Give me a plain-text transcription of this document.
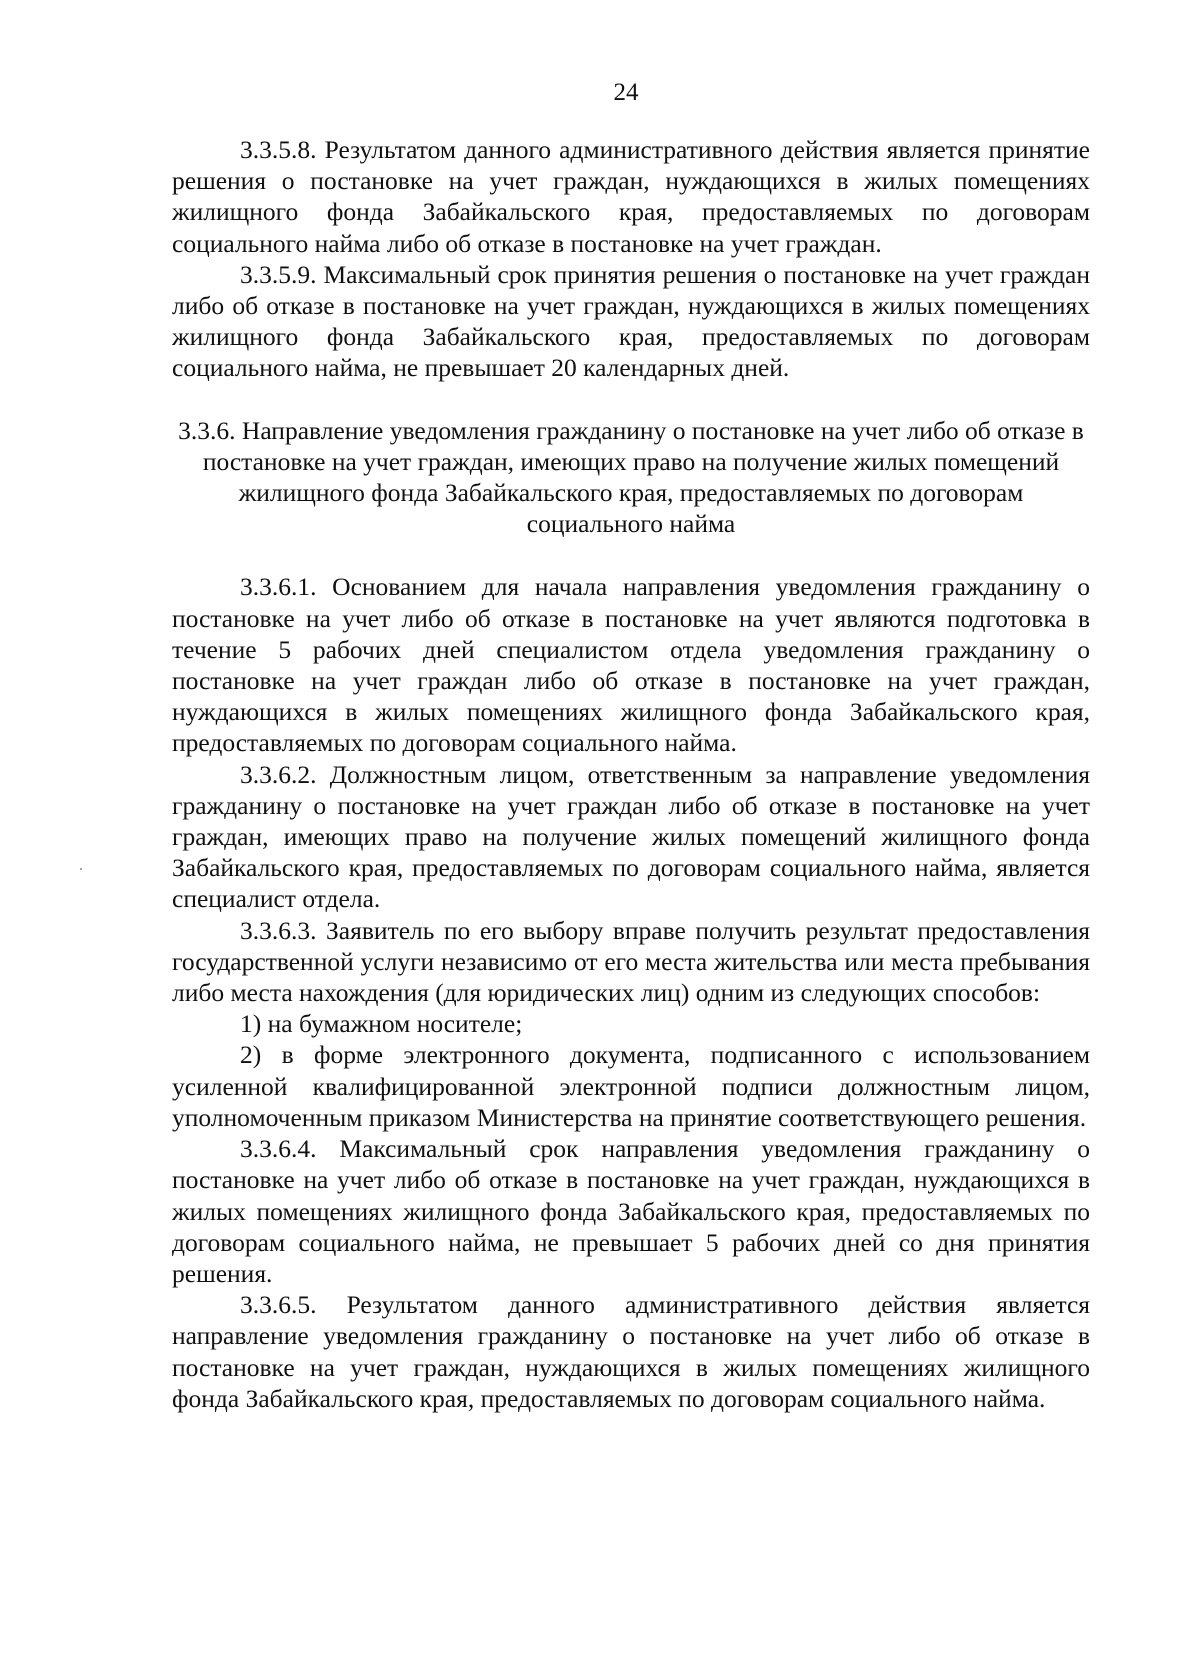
24

3.3.5.8. Результатом данного административного действия является принятие решения о постановке на учет граждан, нуждающихся в жилых помещениях жилищного фонда Забайкальского края, предоставляемых по договорам социального найма либо об отказе в постановке на учет граждан.

3.3.5.9. Максимальный срок принятия решения о постановке на учет граждан либо об отказе в постановке на учет граждан, нуждающихся в жилых помещениях жилищного фонда Забайкальского края, предоставляемых по договорам социального найма, не превышает 20 календарных дней.

3.3.6. Направление уведомления гражданину о постановке на учет либо об отказе в постановке на учет граждан, имеющих право на получение жилых помещений жилищного фонда Забайкальского края, предоставляемых по договорам социального найма

3.3.6.1. Основанием для начала направления уведомления гражданину о постановке на учет либо об отказе в постановке на учет являются подготовка в течение 5 рабочих дней специалистом отдела уведомления гражданину о постановке на учет граждан либо об отказе в постановке на учет граждан, нуждающихся в жилых помещениях жилищного фонда Забайкальского края, предоставляемых по договорам социального найма.

3.3.6.2. Должностным лицом, ответственным за направление уведомления гражданину о постановке на учет граждан либо об отказе в постановке на учет граждан, имеющих право на получение жилых помещений жилищного фонда Забайкальского края, предоставляемых по договорам социального найма, является специалист отдела.

3.3.6.3. Заявитель по его выбору вправе получить результат предоставления государственной услуги независимо от его места жительства или места пребывания либо места нахождения (для юридических лиц) одним из следующих способов:

1) на бумажном носителе;

2) в форме электронного документа, подписанного с использованием усиленной квалифицированной электронной подписи должностным лицом, уполномоченным приказом Министерства на принятие соответствующего решения.

3.3.6.4. Максимальный срок направления уведомления гражданину о постановке на учет либо об отказе в постановке на учет граждан, нуждающихся в жилых помещениях жилищного фонда Забайкальского края, предоставляемых по договорам социального найма, не превышает 5 рабочих дней со дня принятия решения.

3.3.6.5. Результатом данного административного действия является направление уведомления гражданину о постановке на учет либо об отказе в постановке на учет граждан, нуждающихся в жилых помещениях жилищного фонда Забайкальского края, предоставляемых по договорам социального найма.
